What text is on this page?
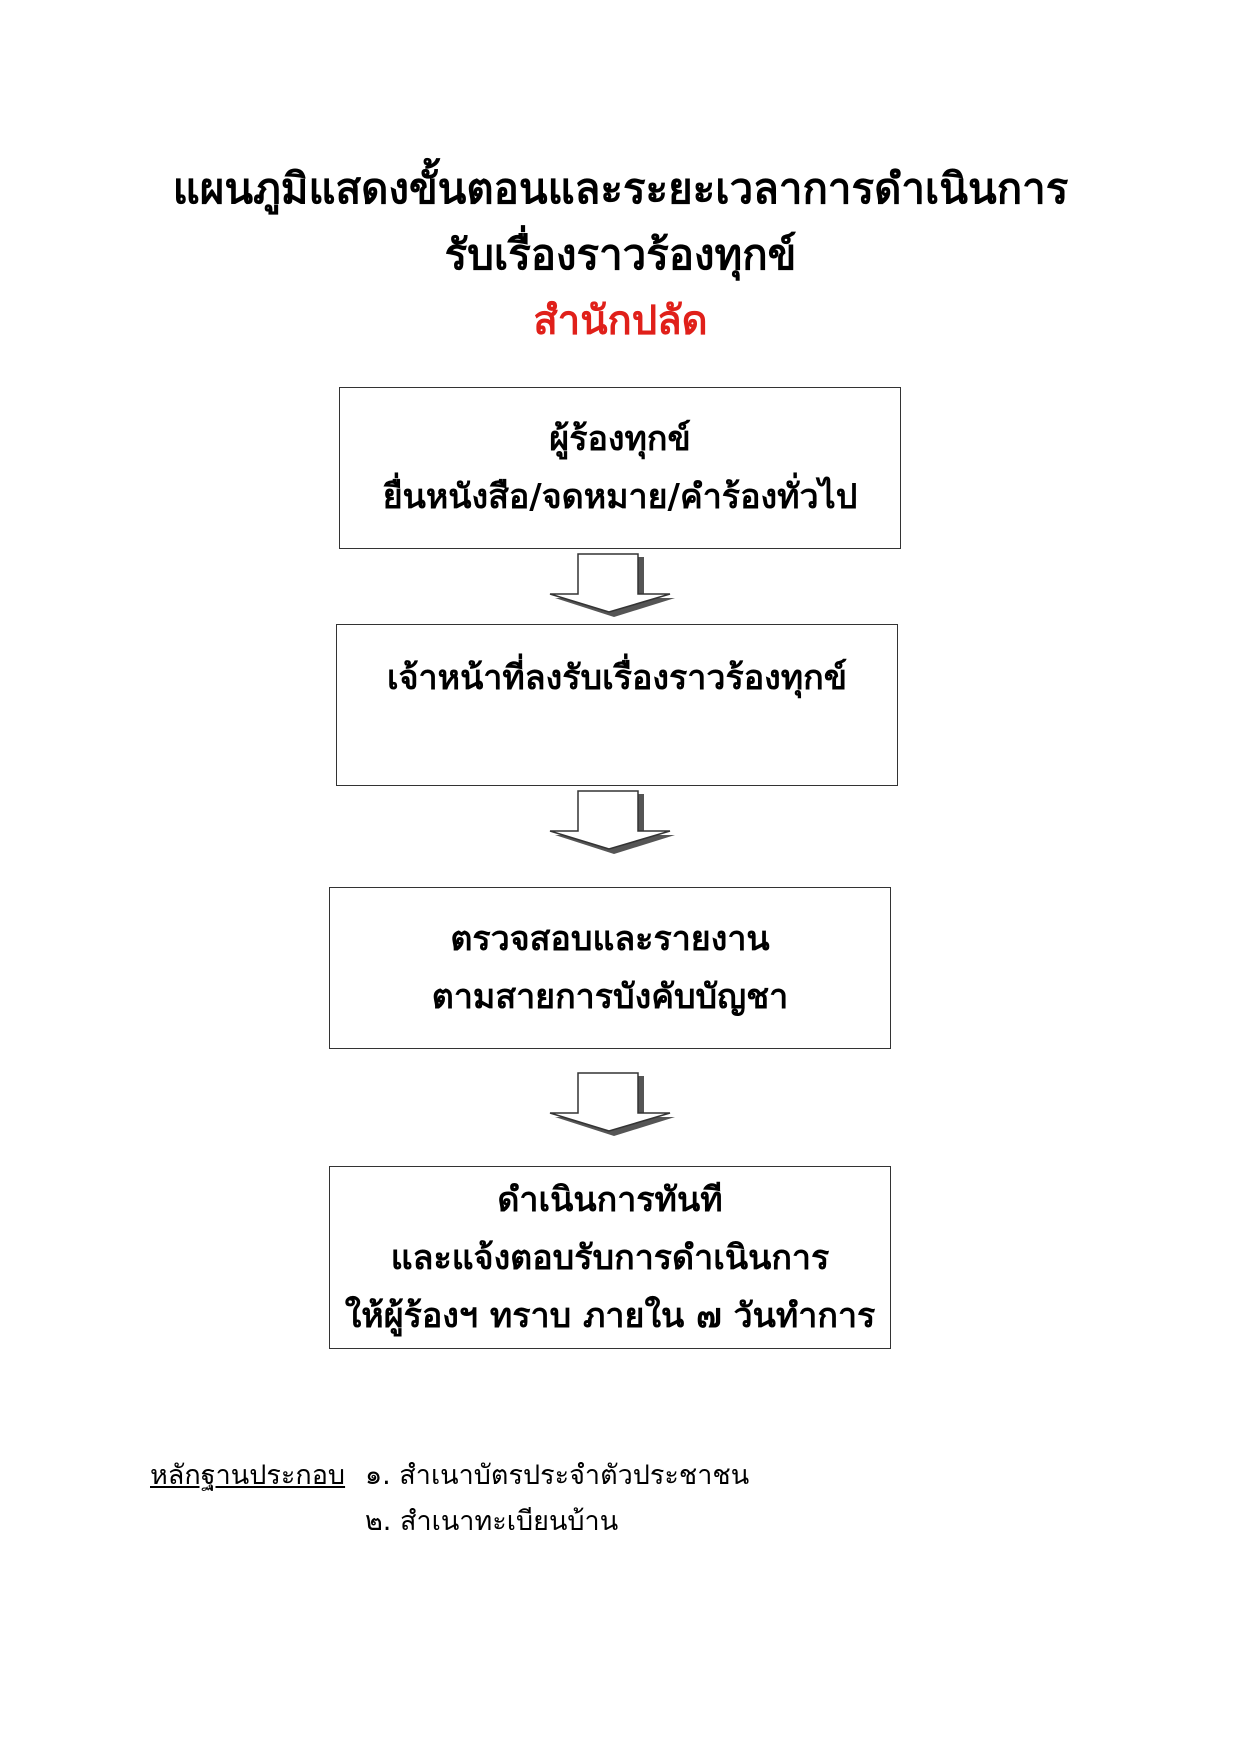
แผนภูมิแสดงขั้นตอนและระยะเวลาการดำเนินการ
รับเรื่องราวร้องทุกข์
สำนักปลัด
ผู้ร้องทุกข์
ยื่นหนังสือ/จดหมาย/คำร้องทั่วไป
เจ้าหน้าที่ลงรับเรื่องราวร้องทุกข์
ตรวจสอบและรายงาน
ตามสายการบังคับบัญชา
ดำเนินการทันที
และแจ้งตอบรับการดำเนินการ
ให้ผู้ร้องฯ ทราบ ภายใน ๗ วันทำการ
หลักฐานประกอบ ๑. สำเนาบัตรประจำตัวประชาชน
๒. สำเนาทะเบียนบ้าน
